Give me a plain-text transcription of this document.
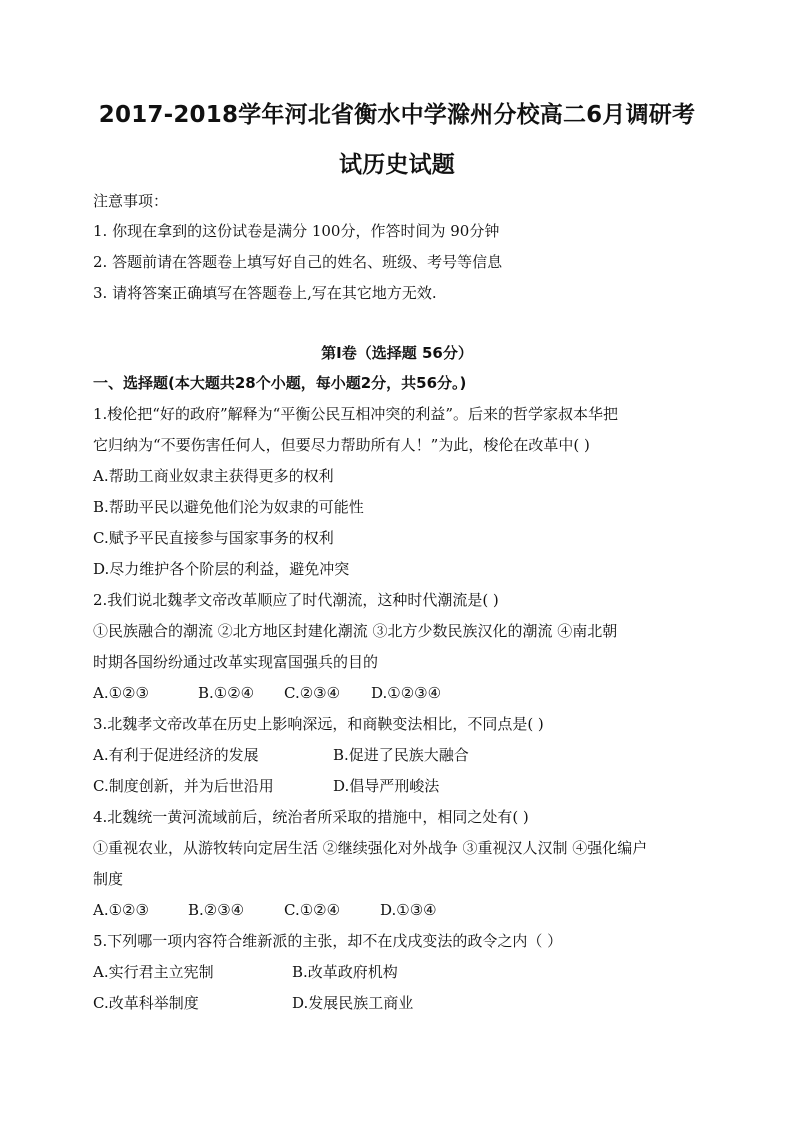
2017-2018学年河北省衡水中学滁州分校高二6月调研考
试历史试题
注意事项：
1. 你现在拿到的这份试卷是满分 100分，作答时间为 90分钟
2. 答题前请在答题卷上填写好自己的姓名、班级、考号等信息
3. 请将答案正确填写在答题卷上,写在其它地方无效.
第I卷（选择题 56分）
一、选择题(本大题共28个小题，每小题2分，共56分。)
1.梭伦把“好的政府”解释为“平衡公民互相冲突的利益”。后来的哲学家叔本华把
它归纳为“不要伤害任何人，但要尽力帮助所有人！”为此，梭伦在改革中( )
A.帮助工商业奴隶主获得更多的权利
B.帮助平民以避免他们沦为奴隶的可能性
C.赋予平民直接参与国家事务的权利
D.尽力维护各个阶层的利益，避免冲突
2.我们说北魏孝文帝改革顺应了时代潮流，这种时代潮流是( )
①民族融合的潮流 ②北方地区封建化潮流 ③北方少数民族汉化的潮流 ④南北朝
时期各国纷纷通过改革实现富国强兵的目的
A.①②③	B.①②④ C.②③④ D.①②③④
3.北魏孝文帝改革在历史上影响深远，和商鞅变法相比，不同点是( )
A.有利于促进经济的发展	B.促进了民族大融合
C.制度创新，并为后世沿用	D.倡导严刑峻法
4.北魏统一黄河流域前后，统治者所采取的措施中，相同之处有( )
①重视农业，从游牧转向定居生活 ②继续强化对外战争 ③重视汉人汉制 ④强化编户
制度
A.①②③	B.②③④	C.①②④	D.①③④
5.下列哪一项内容符合维新派的主张，却不在戊戌变法的政令之内（ ）
A.实行君主立宪制	B.改革政府机构
C.改革科举制度	D.发展民族工商业
